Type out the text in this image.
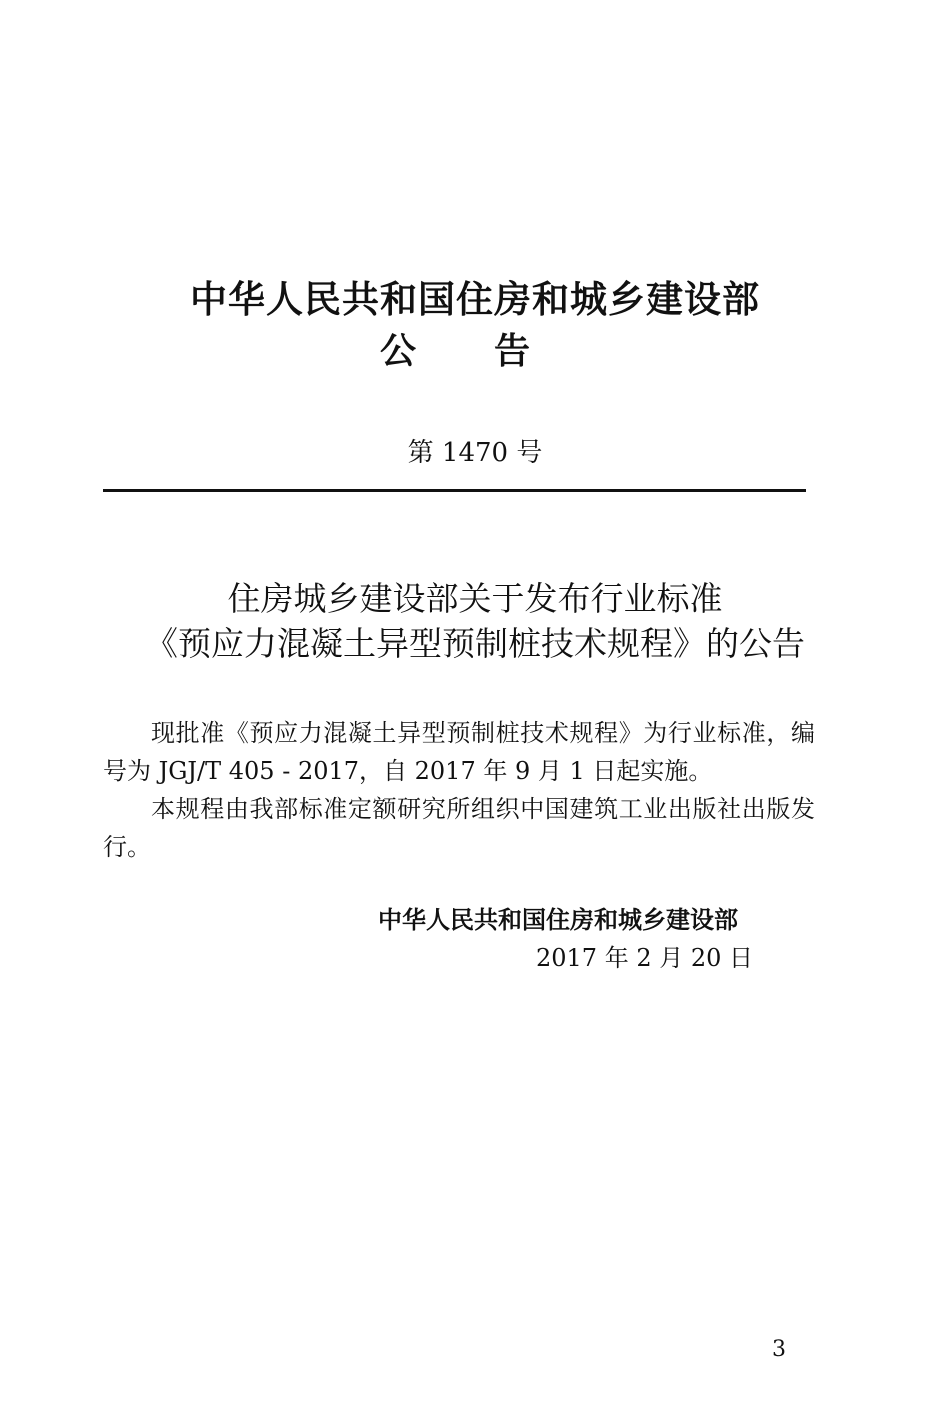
中华人民共和国住房和城乡建设部
公 告
第 1470 号
住房城乡建设部关于发布行业标准
《预应力混凝土异型预制桩技术规程》的公告

现批准《预应力混凝土异型预制桩技术规程》为行业标准，编号为 JGJ/T 405 - 2017，自 2017 年 9 月 1 日起实施。

本规程由我部标准定额研究所组织中国建筑工业出版社出版发行。

中华人民共和国住房和城乡建设部
2017 年 2 月 20 日
3
